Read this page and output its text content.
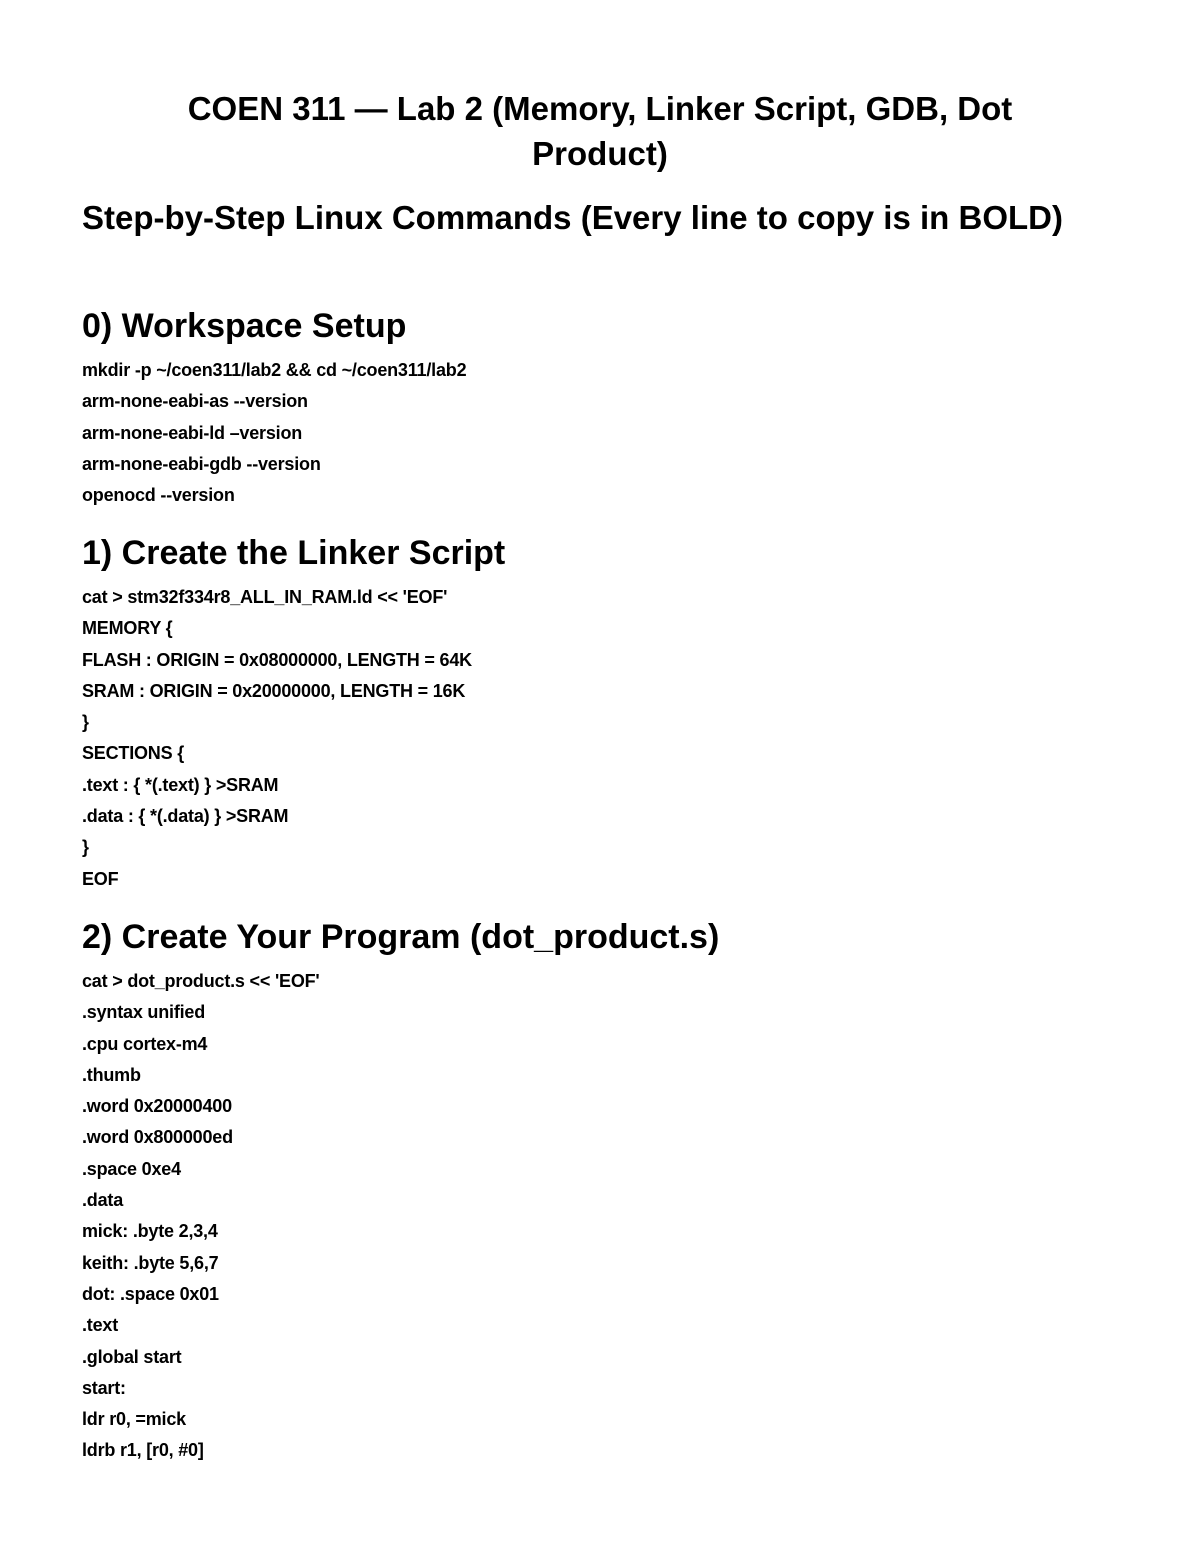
COEN 311 — Lab 2 (Memory, Linker Script, GDB, Dot Product)
Step-by-Step Linux Commands (Every line to copy is in BOLD)
0) Workspace Setup
mkdir -p ~/coen311/lab2 && cd ~/coen311/lab2
arm-none-eabi-as --version
arm-none-eabi-ld –version
arm-none-eabi-gdb --version
openocd --version
1) Create the Linker Script
cat > stm32f334r8_ALL_IN_RAM.ld << 'EOF'
MEMORY {
FLASH : ORIGIN = 0x08000000, LENGTH = 64K
SRAM : ORIGIN = 0x20000000, LENGTH = 16K
}
SECTIONS {
.text : { *(.text) } >SRAM
.data : { *(.data) } >SRAM
}
EOF
2) Create Your Program (dot_product.s)
cat > dot_product.s << 'EOF'
.syntax unified
.cpu cortex-m4
.thumb
.word 0x20000400
.word 0x800000ed
.space 0xe4
.data
mick: .byte 2,3,4
keith: .byte 5,6,7
dot: .space 0x01
.text
.global start
start:
ldr r0, =mick
ldrb r1, [r0, #0]
